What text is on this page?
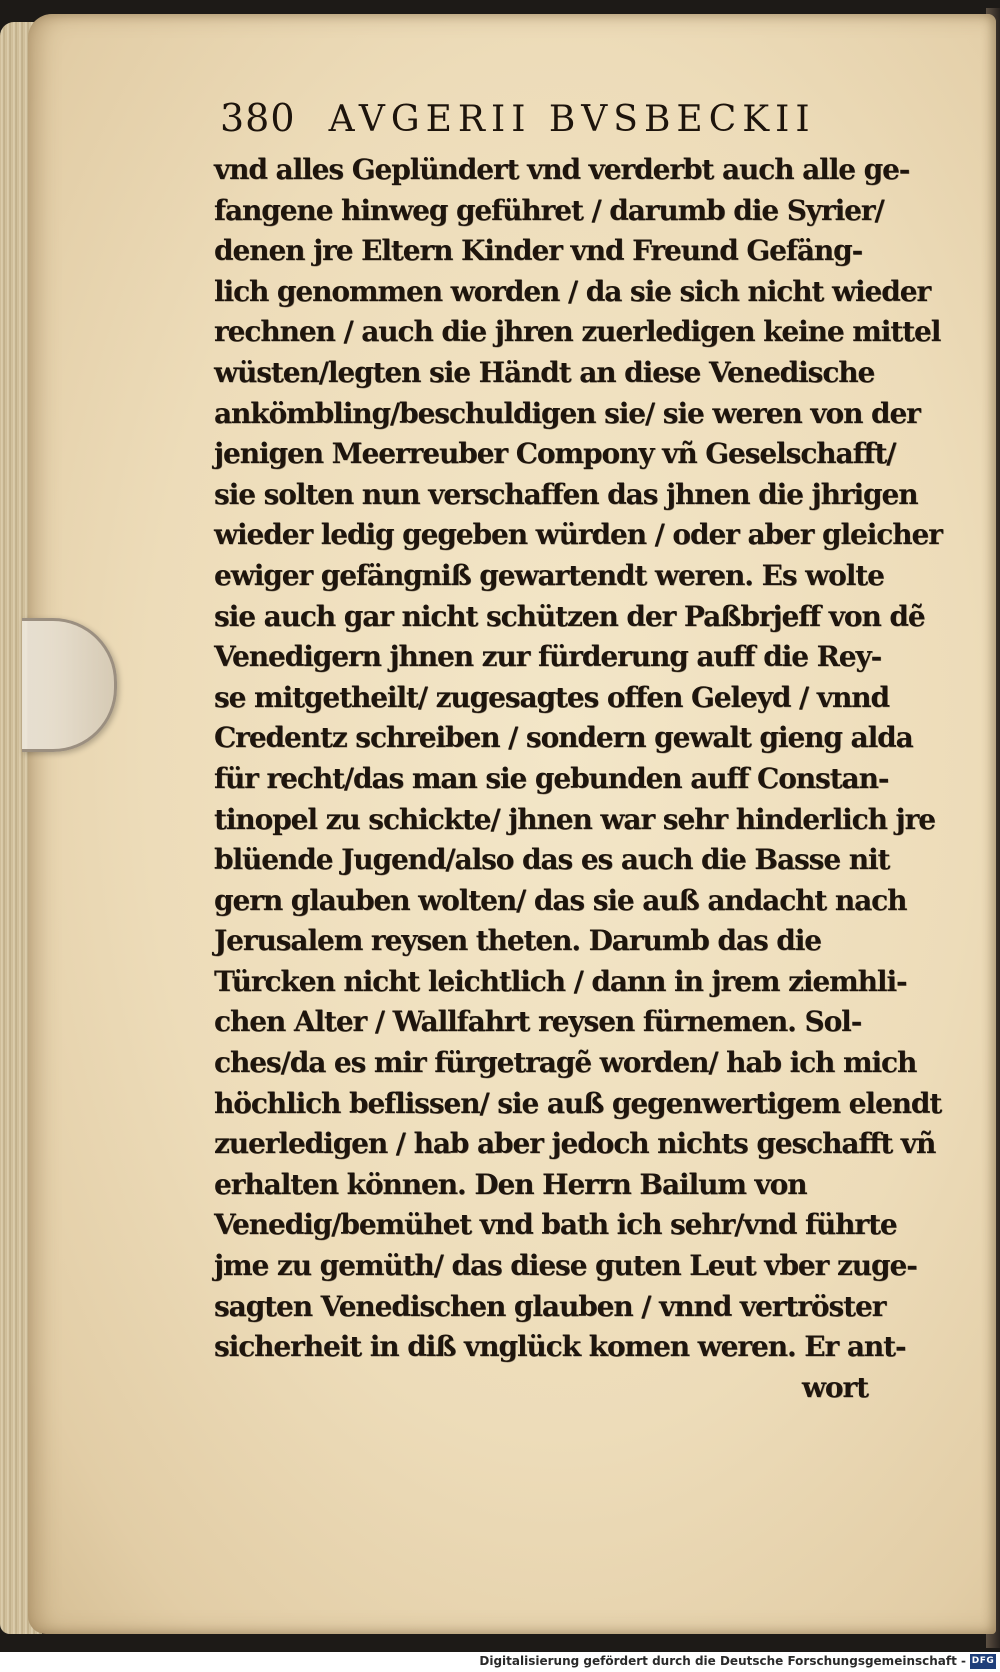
380 AVGERII BVSBECKII
vnd alles Geplündert vnd verderbt auch alle ge-
fangene hinweg geführet / darumb die Syrier/
denen jre Eltern Kinder vnd Freund Gefäng-
lich genommen worden / da sie sich nicht wieder
rechnen / auch die jhren zuerledigen keine mittel
wüsten/legten sie Händt an diese Venedische
ankömbling/beschuldigen sie/ sie weren von der
jenigen Meerreuber Compony vñ Geselschafft/
sie solten nun verschaffen das jhnen die jhrigen
wieder ledig gegeben würden / oder aber gleicher
ewiger gefängniß gewartendt weren. Es wolte
sie auch gar nicht schützen der Paßbrjeff von dẽ
Venedigern jhnen zur fürderung auff die Rey-
se mitgetheilt/ zugesagtes offen Geleyd / vnnd
Credentz schreiben / sondern gewalt gieng alda
für recht/das man sie gebunden auff Constan-
tinopel zu schickte/ jhnen war sehr hinderlich jre
blüende Jugend/also das es auch die Basse nit
gern glauben wolten/ das sie auß andacht nach
Jerusalem reysen theten. Darumb das die
Türcken nicht leichtlich / dann in jrem ziemhli-
chen Alter / Wallfahrt reysen fürnemen. Sol-
ches/da es mir fürgetragẽ worden/ hab ich mich
höchlich beflissen/ sie auß gegenwertigem elendt
zuerledigen / hab aber jedoch nichts geschafft vñ
erhalten können. Den Herrn Bailum von
Venedig/bemühet vnd bath ich sehr/vnd führte
jme zu gemüth/ das diese guten Leut vber zuge-
sagten Venedischen glauben / vnnd vertröster
sicherheit in diß vnglück komen weren. Er ant-
wort
Digitalisierung gefördert durch die Deutsche Forschungsgemeinschaft - DFG
